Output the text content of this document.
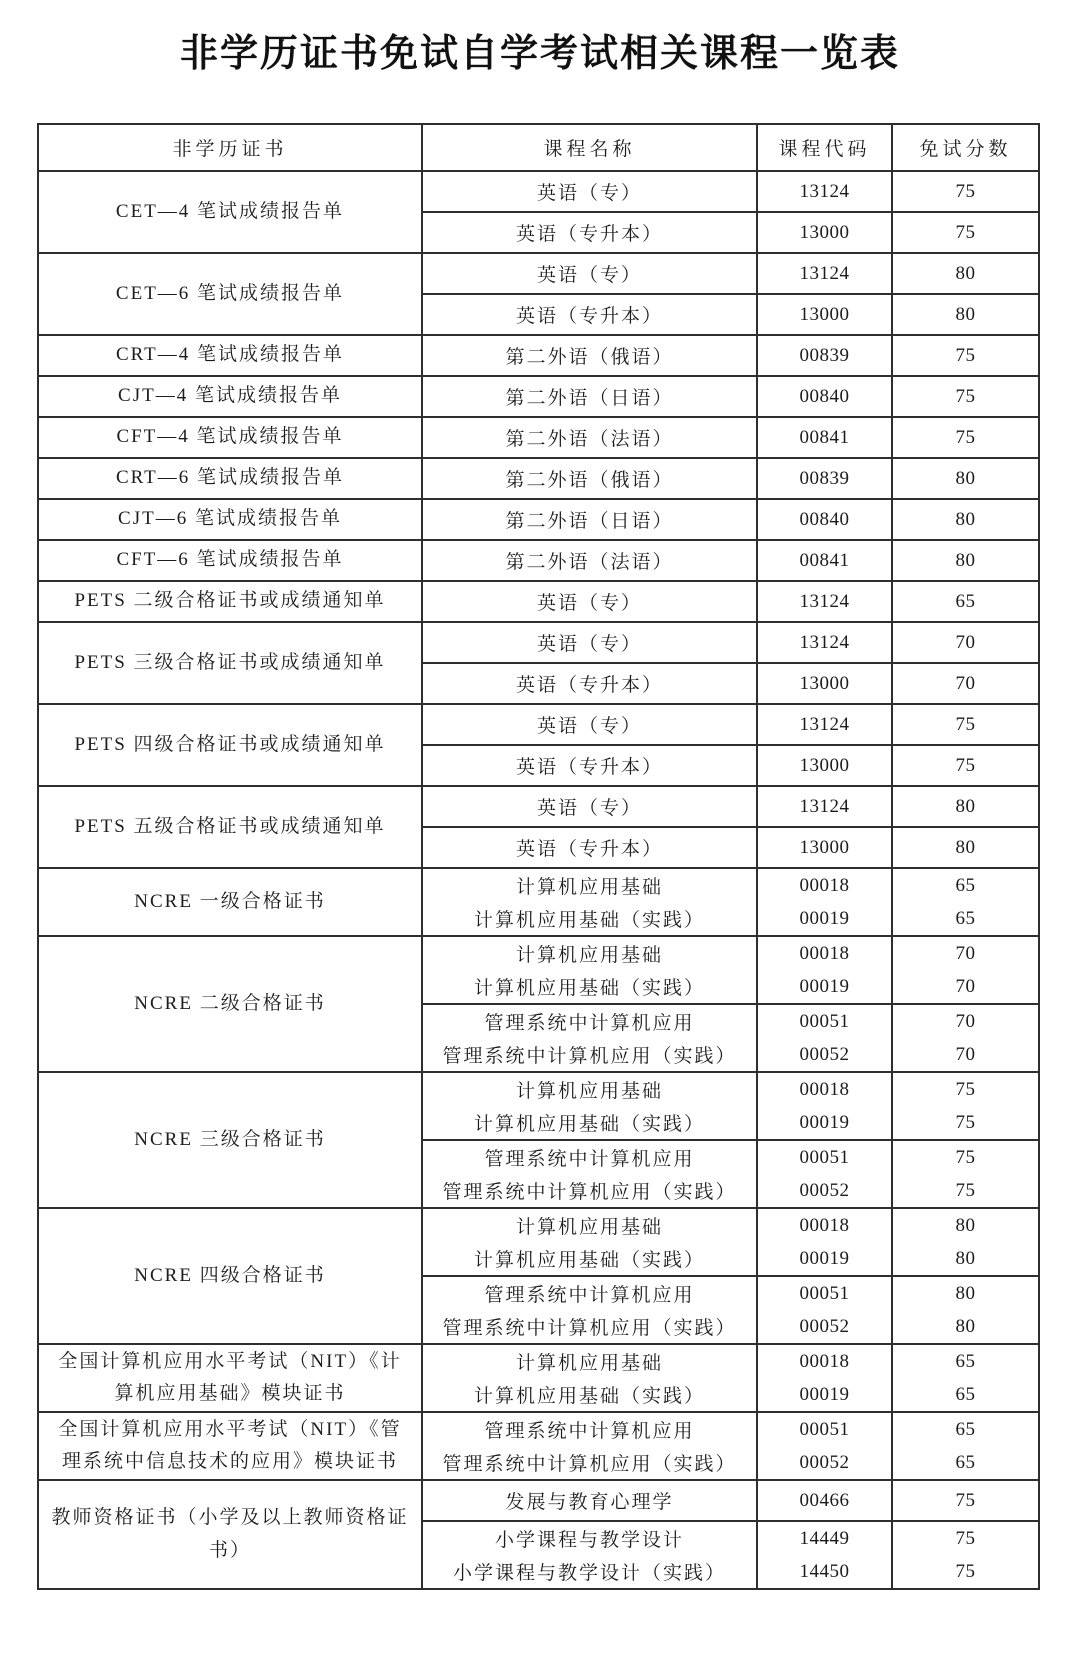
非学历证书免试自学考试相关课程一览表
非学历证书	课程名称	课程代码	免试分数
CET—4 笔试成绩报告单	英语（专）	13124	75
	英语（专升本）	13000	75
CET—6 笔试成绩报告单	英语（专）	13124	80
	英语（专升本）	13000	80
CRT—4 笔试成绩报告单	第二外语（俄语）	00839	75
CJT—4 笔试成绩报告单	第二外语（日语）	00840	75
CFT—4 笔试成绩报告单	第二外语（法语）	00841	75
CRT—6 笔试成绩报告单	第二外语（俄语）	00839	80
CJT—6 笔试成绩报告单	第二外语（日语）	00840	80
CFT—6 笔试成绩报告单	第二外语（法语）	00841	80
PETS 二级合格证书或成绩通知单	英语（专）	13124	65
PETS 三级合格证书或成绩通知单	英语（专）	13124	70
	英语（专升本）	13000	70
PETS 四级合格证书或成绩通知单	英语（专）	13124	75
	英语（专升本）	13000	75
PETS 五级合格证书或成绩通知单	英语（专）	13124	80
	英语（专升本）	13000	80
NCRE 一级合格证书	计算机应用基础	00018	65
	计算机应用基础（实践）	00019	65
NCRE 二级合格证书	计算机应用基础	00018	70
	计算机应用基础（实践）	00019	70
	管理系统中计算机应用	00051	70
	管理系统中计算机应用（实践）	00052	70
NCRE 三级合格证书	计算机应用基础	00018	75
	计算机应用基础（实践）	00019	75
	管理系统中计算机应用	00051	75
	管理系统中计算机应用（实践）	00052	75
NCRE 四级合格证书	计算机应用基础	00018	80
	计算机应用基础（实践）	00019	80
	管理系统中计算机应用	00051	80
	管理系统中计算机应用（实践）	00052	80
全国计算机应用水平考试（NIT）《计算机应用基础》模块证书	计算机应用基础	00018	65
	计算机应用基础（实践）	00019	65
全国计算机应用水平考试（NIT）《管理系统中信息技术的应用》模块证书	管理系统中计算机应用	00051	65
	管理系统中计算机应用（实践）	00052	65
教师资格证书（小学及以上教师资格证书）	发展与教育心理学	00466	75
	小学课程与教学设计	14449	75
	小学课程与教学设计（实践）	14450	75
